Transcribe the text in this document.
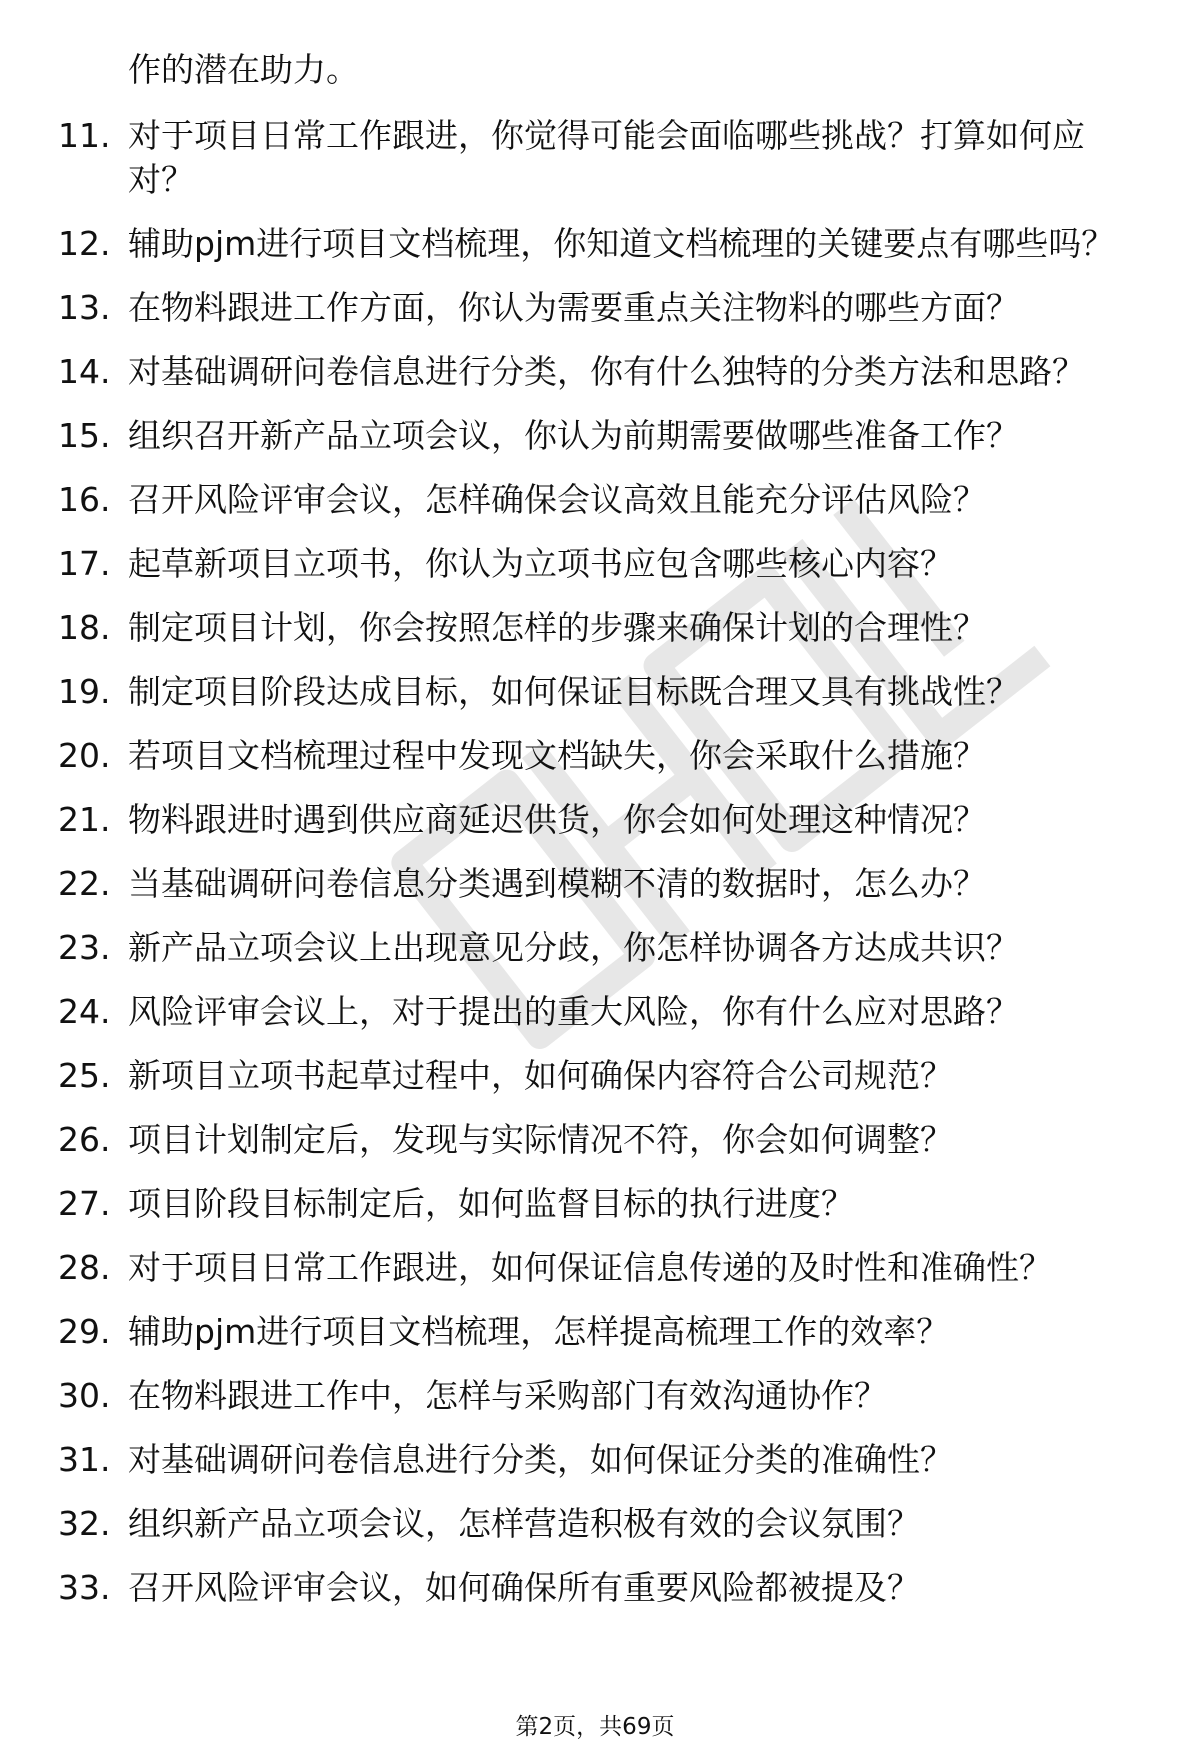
作的潜在助力。
11. 对于项目日常工作跟进，你觉得可能会面临哪些挑战？打算如何应对？
12. 辅助pjm进行项目文档梳理，你知道文档梳理的关键要点有哪些吗？
13. 在物料跟进工作方面，你认为需要重点关注物料的哪些方面？
14. 对基础调研问卷信息进行分类，你有什么独特的分类方法和思路？
15. 组织召开新产品立项会议，你认为前期需要做哪些准备工作？
16. 召开风险评审会议，怎样确保会议高效且能充分评估风险？
17. 起草新项目立项书，你认为立项书应包含哪些核心内容？
18. 制定项目计划，你会按照怎样的步骤来确保计划的合理性？
19. 制定项目阶段达成目标，如何保证目标既合理又具有挑战性？
20. 若项目文档梳理过程中发现文档缺失，你会采取什么措施？
21. 物料跟进时遇到供应商延迟供货，你会如何处理这种情况？
22. 当基础调研问卷信息分类遇到模糊不清的数据时，怎么办？
23. 新产品立项会议上出现意见分歧，你怎样协调各方达成共识？
24. 风险评审会议上，对于提出的重大风险，你有什么应对思路？
25. 新项目立项书起草过程中，如何确保内容符合公司规范？
26. 项目计划制定后，发现与实际情况不符，你会如何调整？
27. 项目阶段目标制定后，如何监督目标的执行进度？
28. 对于项目日常工作跟进，如何保证信息传递的及时性和准确性？
29. 辅助pjm进行项目文档梳理，怎样提高梳理工作的效率？
30. 在物料跟进工作中，怎样与采购部门有效沟通协作？
31. 对基础调研问卷信息进行分类，如何保证分类的准确性？
32. 组织新产品立项会议，怎样营造积极有效的会议氛围？
33. 召开风险评审会议，如何确保所有重要风险都被提及？
第2页，共69页
